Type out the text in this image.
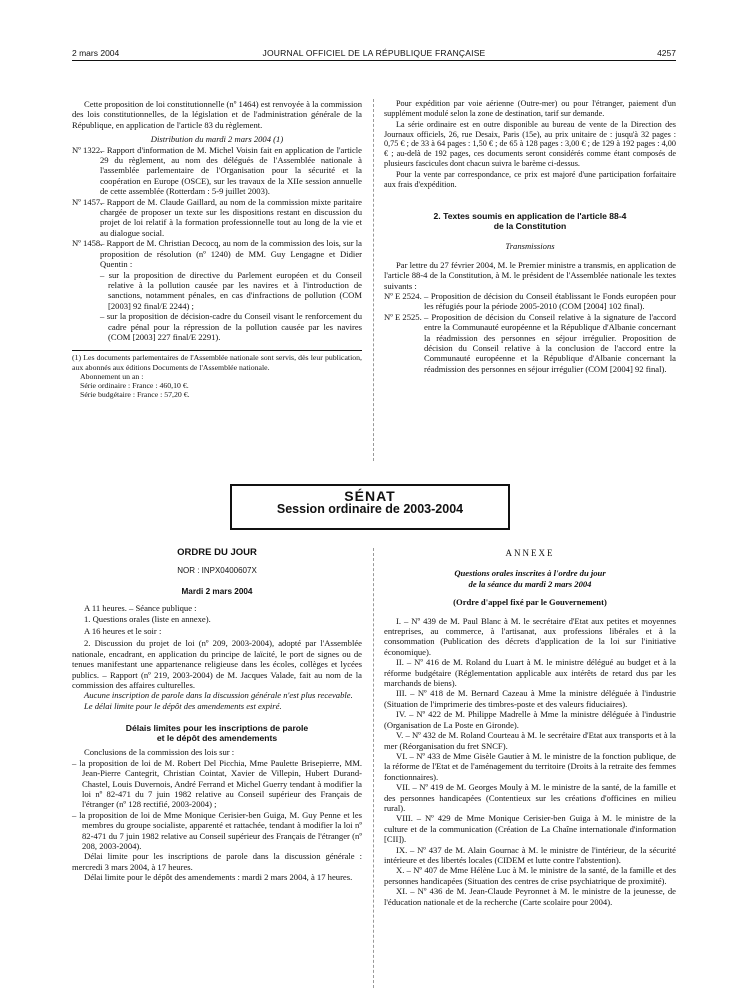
2 mars 2004	JOURNAL OFFICIEL DE LA RÉPUBLIQUE FRANÇAISE	4257

Cette proposition de loi constitutionnelle (nº 1464) est renvoyée à la commission des lois constitutionnelles, de la législation et de l'administration générale de la République, en application de l'article 83 du règlement.

Distribution du mardi 2 mars 2004 (1)

Nº 1322.
– Rapport d'information de M. Michel Voisin fait en application de l'article 29 du règlement, au nom des délégués de l'Assemblée nationale à l'assemblée parlementaire de l'Organisation pour la sécurité et la coopération en Europe (OSCE), sur les travaux de la XIIe session annuelle de cette assemblée (Rotterdam : 5-9 juillet 2003).
Nº 1457.
– Rapport de M. Claude Gaillard, au nom de la commission mixte paritaire chargée de proposer un texte sur les dispositions restant en discussion du projet de loi relatif à la formation professionnelle tout au long de la vie et au dialogue social.
Nº 1458.
– Rapport de M. Christian Decocq, au nom de la commission des lois, sur la proposition de résolution (nº 1240) de MM. Guy Lengagne et Didier Quentin :

– sur la proposition de directive du Parlement européen et du Conseil relative à la pollution causée par les navires et à l'introduction de sanctions, notamment pénales, en cas d'infractions de pollution (COM [2003] 92 final/E 2244) ;

– sur la proposition de décision-cadre du Conseil visant le renforcement du cadre pénal pour la répression de la pollution causée par les navires (COM [2003] 227 final/E 2291).

(1) Les documents parlementaires de l'Assemblée nationale sont servis, dès leur publication, aux abonnés aux éditions Documents de l'Assemblée nationale.

Abonnement un an :

Série ordinaire : France : 460,10 €.

Série budgétaire : France : 57,20 €.

Pour expédition par voie aérienne (Outre-mer) ou pour l'étranger, paiement d'un supplément modulé selon la zone de destination, tarif sur demande.

La série ordinaire est en outre disponible au bureau de vente de la Direction des Journaux officiels, 26, rue Desaix, Paris (15e), au prix unitaire de : jusqu'à 32 pages : 0,75 € ; de 33 à 64 pages : 1,50 € ; de 65 à 128 pages : 3,00 € ; de 129 à 192 pages : 4,00 € ; au-delà de 192 pages, ces documents seront considérés comme étant composés de plusieurs fascicules dont chacun suivra le barème ci-dessus.

Pour la vente par correspondance, ce prix est majoré d'une participation forfaitaire aux frais d'expédition.

2. Textes soumis en application de l'article 88-4

de la Constitution

Transmissions

Par lettre du 27 février 2004, M. le Premier ministre a transmis, en application de l'article 88-4 de la Constitution, à M. le président de l'Assemblée nationale les textes suivants :

Nº E 2524. – Proposition de décision du Conseil établissant le Fonds européen pour les réfugiés pour la période 2005-2010 (COM [2004] 102 final).
Nº E 2525. – Proposition de décision du Conseil relative à la signature de l'accord entre la Communauté européenne et la République d'Albanie concernant la réadmission des personnes en séjour irrégulier. Proposition de décision du Conseil relative à la conclusion de l'accord entre la Communauté européenne et la République d'Albanie concernant la réadmission des personnes en séjour irrégulier (COM [2004] 92 final).
SÉNAT
Session ordinaire de 2003-2004

ORDRE DU JOUR

NOR : INPX0400607X

Mardi 2 mars 2004

A 11 heures. – Séance publique :

1. Questions orales (liste en annexe).

A 16 heures et le soir :

2. Discussion du projet de loi (nº 209, 2003-2004), adopté par l'Assemblée nationale, encadrant, en application du principe de laïcité, le port de signes ou de tenues manifestant une appartenance religieuse dans les écoles, collèges et lycées publics. – Rapport (nº 219, 2003-2004) de M. Jacques Valade, fait au nom de la commission des affaires culturelles.

Aucune inscription de parole dans la discussion générale n'est plus recevable.

Le délai limite pour le dépôt des amendements est expiré.

Délais limites pour les inscriptions de parole

et le dépôt des amendements

Conclusions de la commission des lois sur :

– la proposition de loi de M. Robert Del Picchia, Mme Paulette Brisepierre, MM. Jean-Pierre Cantegrit, Christian Cointat, Xavier de Villepin, Hubert Durand-Chastel, Louis Duvernois, André Ferrand et Michel Guerry tendant à modifier la loi nº 82-471 du 7 juin 1982 relative au Conseil supérieur des Français de l'étranger (nº 128 rectifié, 2003-2004) ;

– la proposition de loi de Mme Monique Cerisier-ben Guiga, M. Guy Penne et les membres du groupe socialiste, apparenté et rattachée, tendant à modifier la loi nº 82-471 du 7 juin 1982 relative au Conseil supérieur des Français de l'étranger (nº 208, 2003-2004).

Délai limite pour les inscriptions de parole dans la discussion générale : mercredi 3 mars 2004, à 17 heures.

Délai limite pour le dépôt des amendements : mardi 2 mars 2004, à 17 heures.

ANNEXE

Questions orales inscrites à l'ordre du jour

de la séance du mardi 2 mars 2004

(Ordre d'appel fixé par le Gouvernement)

I. – Nº 439 de M. Paul Blanc à M. le secrétaire d'Etat aux petites et moyennes entreprises, au commerce, à l'artisanat, aux professions libérales et à la consommation (Publication des décrets d'application de la loi sur l'initiative économique).

II. – Nº 416 de M. Roland du Luart à M. le ministre délégué au budget et à la réforme budgétaire (Réglementation applicable aux intérêts de retard dus par les marchands de biens).

III. – Nº 418 de M. Bernard Cazeau à Mme la ministre déléguée à l'industrie (Situation de l'imprimerie des timbres-poste et des valeurs fiduciaires).

IV. – Nº 422 de M. Philippe Madrelle à Mme la ministre déléguée à l'industrie (Organisation de La Poste en Gironde).

V. – Nº 432 de M. Roland Courteau à M. le secrétaire d'Etat aux transports et à la mer (Réorganisation du fret SNCF).

VI. – Nº 433 de Mme Gisèle Gautier à M. le ministre de la fonction publique, de la réforme de l'Etat et de l'aménagement du territoire (Droits à la retraite des femmes fonctionnaires).

VII. – Nº 419 de M. Georges Mouly à M. le ministre de la santé, de la famille et des personnes handicapées (Contentieux sur les créations d'officines en milieu rural).

VIII. – Nº 429 de Mme Monique Cerisier-ben Guiga à M. le ministre de la culture et de la communication (Création de La Chaîne internationale d'information [CII]).

IX. – Nº 437 de M. Alain Gournac à M. le ministre de l'intérieur, de la sécurité intérieure et des libertés locales (CIDEM et lutte contre l'abstention).

X. – Nº 407 de Mme Hélène Luc à M. le ministre de la santé, de la famille et des personnes handicapées (Situation des centres de crise psychiatrique de proximité).

XI. – Nº 436 de M. Jean-Claude Peyronnet à M. le ministre de la jeunesse, de l'éducation nationale et de la recherche (Carte scolaire pour 2004).
